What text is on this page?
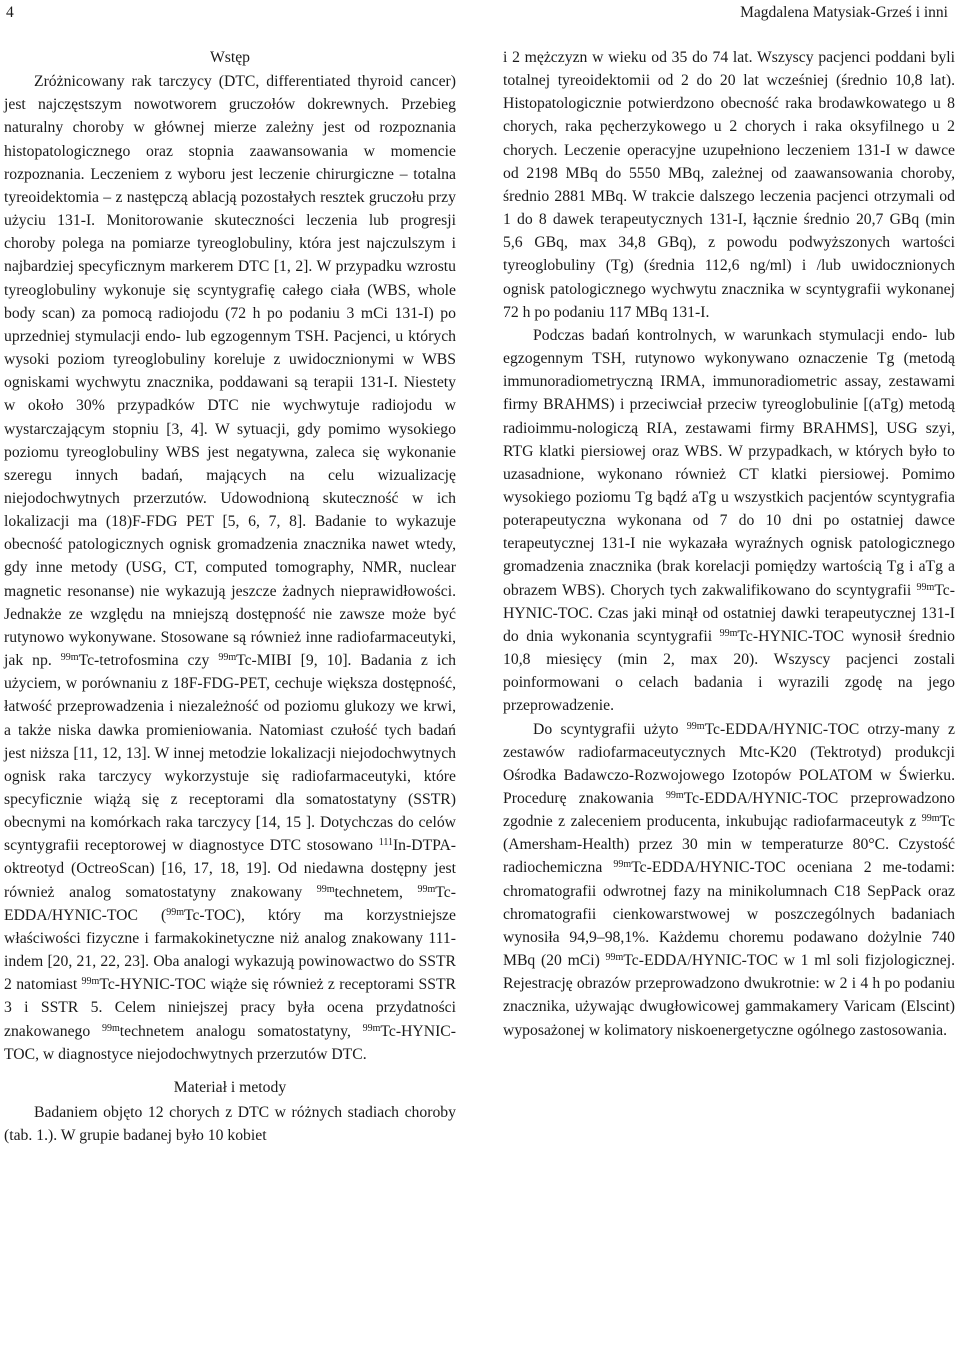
4	Magdalena Matysiak-Grześ i inni
Wstęp

Zróżnicowany rak tarczycy (DTC, differentiated thyroid cancer) jest najczęstszym nowotworem gruczołów dokrewnych. Przebieg naturalny choroby w głównej mierze zależny jest od rozpoznania histopatologicznego oraz stopnia zaawansowania w momencie rozpoznania. Leczeniem z wyboru jest leczenie chirurgiczne – totalna tyreoidektomia – z następczą ablacją pozostałych resztek gruczołu przy użyciu 131-I. Monitorowanie skuteczności leczenia lub progresji choroby polega na pomiarze tyreoglobuliny, która jest najczulszym i najbardziej specyficznym markerem DTC [1, 2]. W przypadku wzrostu tyreoglobuliny wykonuje się scyntygrafię całego ciała (WBS, whole body scan) za pomocą radiojodu (72 h po podaniu 3 mCi 131-I) po uprzedniej stymulacji endo- lub egzogennym TSH. Pacjenci, u których wysoki poziom tyreoglobuliny koreluje z uwidocznionymi w WBS ogniskami wychwytu znacznika, poddawani są terapii 131-I. Niestety w około 30% przypadków DTC nie wychwytuje radiojodu w wystarczającym stopniu [3, 4]. W sytuacji, gdy pomimo wysokiego poziomu tyreoglobuliny WBS jest negatywna, zaleca się wykonanie szeregu innych badań, mających na celu wizualizację niejodochwytnych przerzutów. Udowodnioną skuteczność w ich lokalizacji ma (18)F-FDG PET [5, 6, 7, 8]. Badanie to wykazuje obecność patologicznych ognisk gromadzenia znacznika nawet wtedy, gdy inne metody (USG, CT, computed tomography, NMR, nuclear magnetic resonanse) nie wykazują jeszcze żadnych nieprawidłowości. Jednakże ze względu na mniejszą dostępność nie zawsze może być rutynowo wykonywane. Stosowane są również inne radiofarmaceutyki, jak np. $^{99m}$Tc-tetrofosmina czy $^{99m}$Tc-MIBI [9, 10]. Badania z ich użyciem, w porównaniu z 18F-FDG-PET, cechuje większa dostępność, łatwość przeprowadzenia i niezależność od poziomu glukozy we krwi, a także niska dawka promieniowania. Natomiast czułość tych badań jest niższa [11, 12, 13]. W innej metodzie lokalizacji niejodochwytnych ognisk raka tarczycy wykorzystuje się radiofarmaceutyki, które specyficznie wiążą się z receptorami dla somatostatyny (SSTR) obecnymi na komórkach raka tarczycy [14, 15 ]. Dotychczas do celów scyntygrafii receptorowej w diagnostyce DTC stosowano $^{111}$In-DTPA-oktreotyd (OctreoScan) [16, 17, 18, 19]. Od niedawna dostępny jest również analog somatostatyny znakowany $^{99m}$technetem, $^{99m}$Tc-EDDA/HYNIC-TOC ($^{99m}$Tc-TOC), który ma korzystniejsze właściwości fizyczne i farmakokinetyczne niż analog znakowany 111-indem [20, 21, 22, 23]. Oba analogi wykazują powinowactwo do SSTR 2 natomiast $^{99m}$Tc-HYNIC-TOC wiąże się również z receptorami SSTR 3 i SSTR 5. Celem niniejszej pracy była ocena przydatności znakowanego $^{99m}$technetem analogu somatostatyny, $^{99m}$Tc-HYNIC-TOC, w diagnostyce niejodochwytnych przerzutów DTC.

Materiał i metody

Badaniem objęto 12 chorych z DTC w różnych stadiach choroby (tab. 1.). W grupie badanej było 10 kobiet

i 2 mężczyzn w wieku od 35 do 74 lat. Wszyscy pacjenci poddani byli totalnej tyreoidektomii od 2 do 20 lat wcześniej (średnio 10,8 lat). Histopatologicznie potwierdzono obecność raka brodawkowatego u 8 chorych, raka pęcherzykowego u 2 chorych i raka oksyfilnego u 2 chorych. Leczenie operacyjne uzupełniono leczeniem 131-I w dawce od 2198 MBq do 5550 MBq, zależnej od zaawansowania choroby, średnio 2881 MBq. W trakcie dalszego leczenia pacjenci otrzymali od 1 do 8 dawek terapeutycznych 131-I, łącznie średnio 20,7 GBq (min 5,6 GBq, max 34,8 GBq), z powodu podwyższonych wartości tyreoglobuliny (Tg) (średnia 112,6 ng/ml) i /lub uwidocznionych ognisk patologicznego wychwytu znacznika w scyntygrafii wykonanej 72 h po podaniu 117 MBq 131-I.

Podczas badań kontrolnych, w warunkach stymulacji endo- lub egzogennym TSH, rutynowo wykonywano oznaczenie Tg (metodą immunoradiometryczną IRMA, immunoradiometric assay, zestawami firmy BRAHMS) i przeciwciał przeciw tyreoglobulinie [(aTg) metodą radioimmu-nologiczą RIA, zestawami firmy BRAHMS], USG szyi, RTG klatki piersiowej oraz WBS. W przypadkach, w których było to uzasadnione, wykonano również CT klatki piersiowej. Pomimo wysokiego poziomu Tg bądź aTg u wszystkich pacjentów scyntygrafia poterapeutyczna wykonana od 7 do 10 dni po ostatniej dawce terapeutycznej 131-I nie wykazała wyraźnych ognisk patologicznego gromadzenia znacznika (brak korelacji pomiędzy wartością Tg i aTg a obrazem WBS). Chorych tych zakwalifikowano do scyntygrafii $^{99m}$Tc-HYNIC-TOC. Czas jaki minął od ostatniej dawki terapeutycznej 131-I do dnia wykonania scyntygrafii $^{99m}$Tc-HYNIC-TOC wynosił średnio 10,8 miesięcy (min 2, max 20). Wszyscy pacjenci zostali poinformowani o celach badania i wyrazili zgodę na jego przeprowadzenie.

Do scyntygrafii użyto $^{99m}$Tc-EDDA/HYNIC-TOC otrzy-many z zestawów radiofarmaceutycznych Mtc-K20 (Tektrotyd) produkcji Ośrodka Badawczo-Rozwojowego Izotopów POLATOM w Świerku. Procedurę znakowania $^{99m}$Tc-EDDA/HYNIC-TOC przeprowadzono zgodnie z zaleceniem producenta, inkubując radiofarmaceutyk z $^{99m}$Tc (Amersham-Health) przez 30 min w temperaturze 80°C. Czystość radiochemiczna $^{99m}$Tc-EDDA/HYNIC-TOC oceniana 2 me-todami: chromatografii odwrotnej fazy na minikolumnach C18 SepPack oraz chromatografii cienkowarstwowej w poszczególnych badaniach wynosiła 94,9–98,1%. Każdemu choremu podawano dożylnie 740 MBq (20 mCi) $^{99m}$Tc-EDDA/HYNIC-TOC w 1 ml soli fizjologicznej. Rejestrację obrazów przeprowadzono dwukrotnie: w 2 i 4 h po podaniu znacznika, używając dwugłowicowej gammakamery Varicam (Elscint) wyposażonej w kolimatory niskoenergetyczne ogólnego zastosowania.
